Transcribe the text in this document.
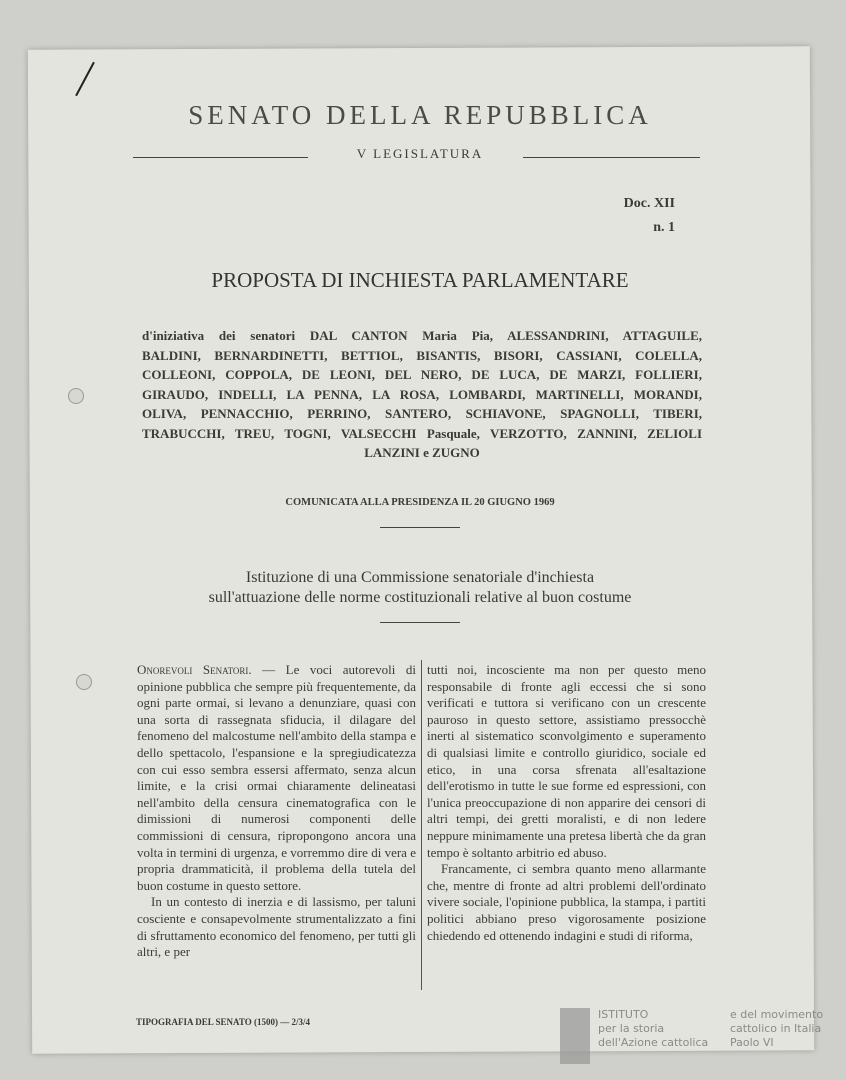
SENATO DELLA REPUBBLICA
V LEGISLATURA
Doc. XII
n. 1
PROPOSTA DI INCHIESTA PARLAMENTARE
d'iniziativa dei senatori DAL CANTON Maria Pia, ALESSANDRINI, ATTAGUILE,
BALDINI, BERNARDINETTI, BETTIOL, BISANTIS, BISORI, CASSIANI, COLELLA,
COLLEONI, COPPOLA, DE LEONI, DEL NERO, DE LUCA, DE MARZI, FOLLIERI,
GIRAUDO, INDELLI, LA PENNA, LA ROSA, LOMBARDI, MARTINELLI, MORANDI,
OLIVA, PENNACCHIO, PERRINO, SANTERO, SCHIAVONE, SPAGNOLLI, TIBERI,
TRABUCCHI, TREU, TOGNI, VALSECCHI Pasquale, VERZOTTO, ZANNINI, ZELIOLI
LANZINI e ZUGNO
COMUNICATA ALLA PRESIDENZA IL 20 GIUGNO 1969
Istituzione di una Commissione senatoriale d'inchiesta
sull'attuazione delle norme costituzionali relative al buon costume

Onorevoli Senatori. — Le voci autorevoli di opinione pubblica che sempre più frequentemente, da ogni parte ormai, si levano a denunziare, quasi con una sorta di rassegnata sfiducia, il dilagare del fenomeno del malcostume nell'ambito della stampa e dello spettacolo, l'espansione e la spregiudicatezza con cui esso sembra essersi affermato, senza alcun limite, e la crisi ormai chiaramente delineatasi nell'ambito della censura cinematografica con le dimissioni di numerosi componenti delle commissioni di censura, ripropongono ancora una volta in termini di urgenza, e vorremmo dire di vera e propria drammaticità, il problema della tutela del buon costume in questo settore.

In un contesto di inerzia e di lassismo, per taluni cosciente e consapevolmente strumentalizzato a fini di sfruttamento economico del fenomeno, per tutti gli altri, e per

tutti noi, incosciente ma non per questo meno responsabile di fronte agli eccessi che si sono verificati e tuttora si verificano con un crescente pauroso in questo settore, assistiamo pressocchè inerti al sistematico sconvolgimento e superamento di qualsiasi limite e controllo giuridico, sociale ed etico, in una corsa sfrenata all'esaltazione dell'erotismo in tutte le sue forme ed espressioni, con l'unica preoccupazione di non apparire dei censori di altri tempi, dei gretti moralisti, e di non ledere neppure minimamente una pretesa libertà che da gran tempo è soltanto arbitrio ed abuso.

Francamente, ci sembra quanto meno allarmante che, mentre di fronte ad altri problemi dell'ordinato vivere sociale, l'opinione pubblica, la stampa, i partiti politici abbiano preso vigorosamente posizione chiedendo ed ottenendo indagini e studi di riforma,

TIPOGRAFIA DEL SENATO (1500) — 2/3/4
ISTITUTO
per la storia
dell'Azione cattolica
e del movimento
cattolico in Italia
Paolo VI
